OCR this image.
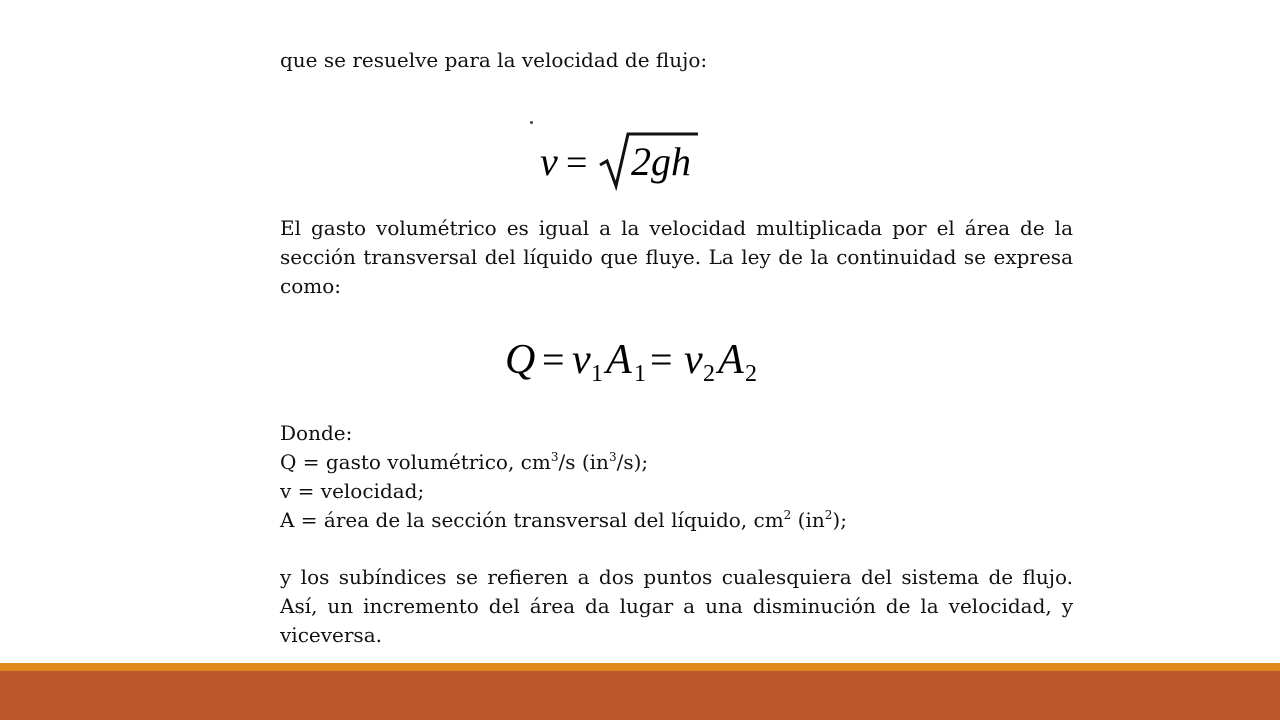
que se resuelve para la velocidad de flujo:

v = 2gh

El gasto volumétrico es igual a la velocidad multiplicada por el área de la sección transversal del líquido que fluye. La ley de la continuidad se expresa como:

Q = v 1 A 1 = v 2 A 2
Donde:
Q = gasto volumétrico, $cm^3/s$ $(in^3/s)$;
v = velocidad;
A = área de la sección transversal del líquido, $cm^2$ $(in^2)$;

y los subíndices se refieren a dos puntos cualesquiera del sistema de flujo. Así, un incremento del área da lugar a una disminución de la velocidad, y viceversa.
